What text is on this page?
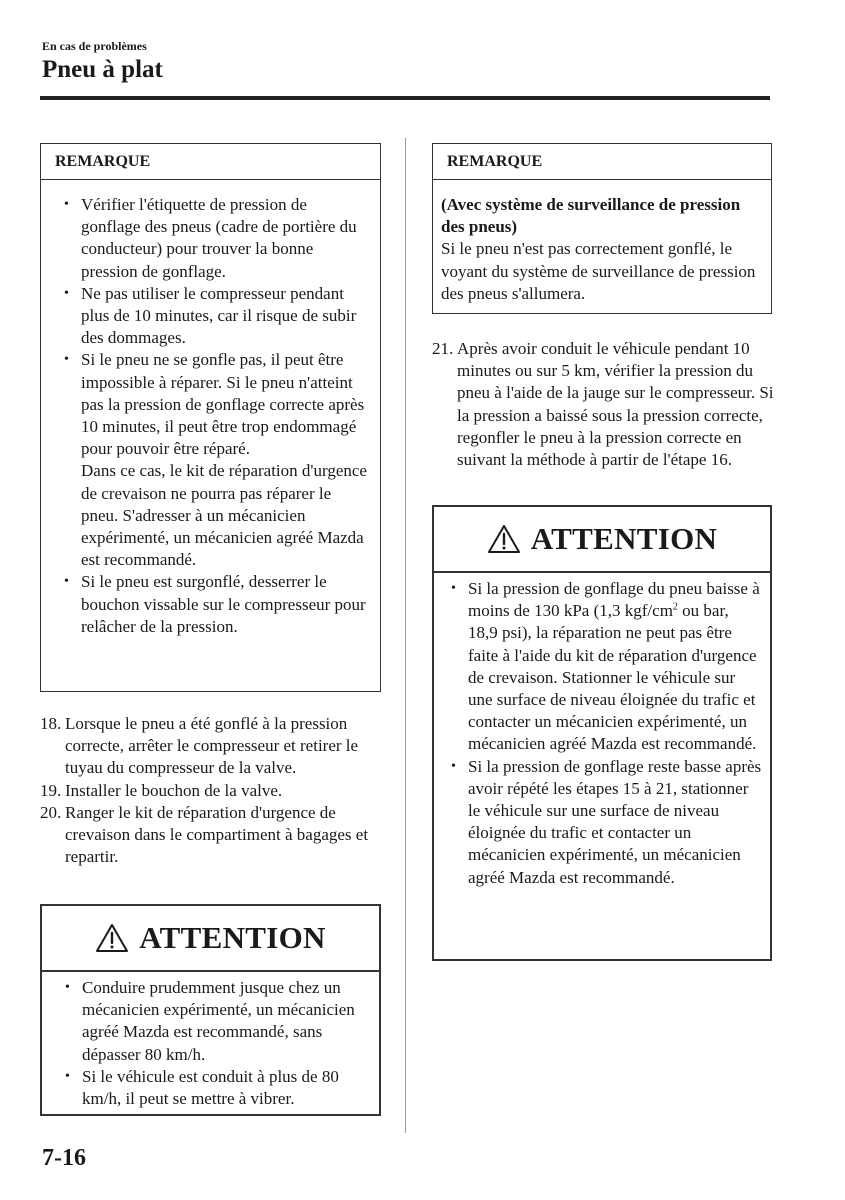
En cas de problèmes
Pneu à plat
REMARQUE
• Vérifier l'étiquette de pression de gonflage des pneus (cadre de portière du conducteur) pour trouver la bonne pression de gonflage.
• Ne pas utiliser le compresseur pendant plus de 10 minutes, car il risque de subir des dommages.
• Si le pneu ne se gonfle pas, il peut être impossible à réparer. Si le pneu n'atteint pas la pression de gonflage correcte après 10 minutes, il peut être trop endommagé pour pouvoir être réparé.
Dans ce cas, le kit de réparation d'urgence de crevaison ne pourra pas réparer le pneu. S'adresser à un mécanicien expérimenté, un mécanicien agréé Mazda est recommandé.
• Si le pneu est surgonflé, desserrer le bouchon vissable sur le compresseur pour relâcher de la pression.
18. Lorsque le pneu a été gonflé à la pression correcte, arrêter le compresseur et retirer le tuyau du compresseur de la valve.
19. Installer le bouchon de la valve.
20. Ranger le kit de réparation d'urgence de crevaison dans le compartiment à bagages et repartir.
ATTENTION
• Conduire prudemment jusque chez un mécanicien expérimenté, un mécanicien agréé Mazda est recommandé, sans dépasser 80 km/h.
• Si le véhicule est conduit à plus de 80 km/h, il peut se mettre à vibrer.
REMARQUE
(Avec système de surveillance de pression des pneus)
Si le pneu n'est pas correctement gonflé, le voyant du système de surveillance de pression des pneus s'allumera.
21. Après avoir conduit le véhicule pendant 10 minutes ou sur 5 km, vérifier la pression du pneu à l'aide de la jauge sur le compresseur. Si la pression a baissé sous la pression correcte, regonfler le pneu à la pression correcte en suivant la méthode à partir de l'étape 16.
ATTENTION
• Si la pression de gonflage du pneu baisse à moins de 130 kPa (1,3 kgf/$cm^2$ ou bar, 18,9 psi), la réparation ne peut pas être faite à l'aide du kit de réparation d'urgence de crevaison. Stationner le véhicule sur une surface de niveau éloignée du trafic et contacter un mécanicien expérimenté, un mécanicien agréé Mazda est recommandé.
• Si la pression de gonflage reste basse après avoir répété les étapes 15 à 21, stationner le véhicule sur une surface de niveau éloignée du trafic et contacter un mécanicien expérimenté, un mécanicien agréé Mazda est recommandé.
7-16
